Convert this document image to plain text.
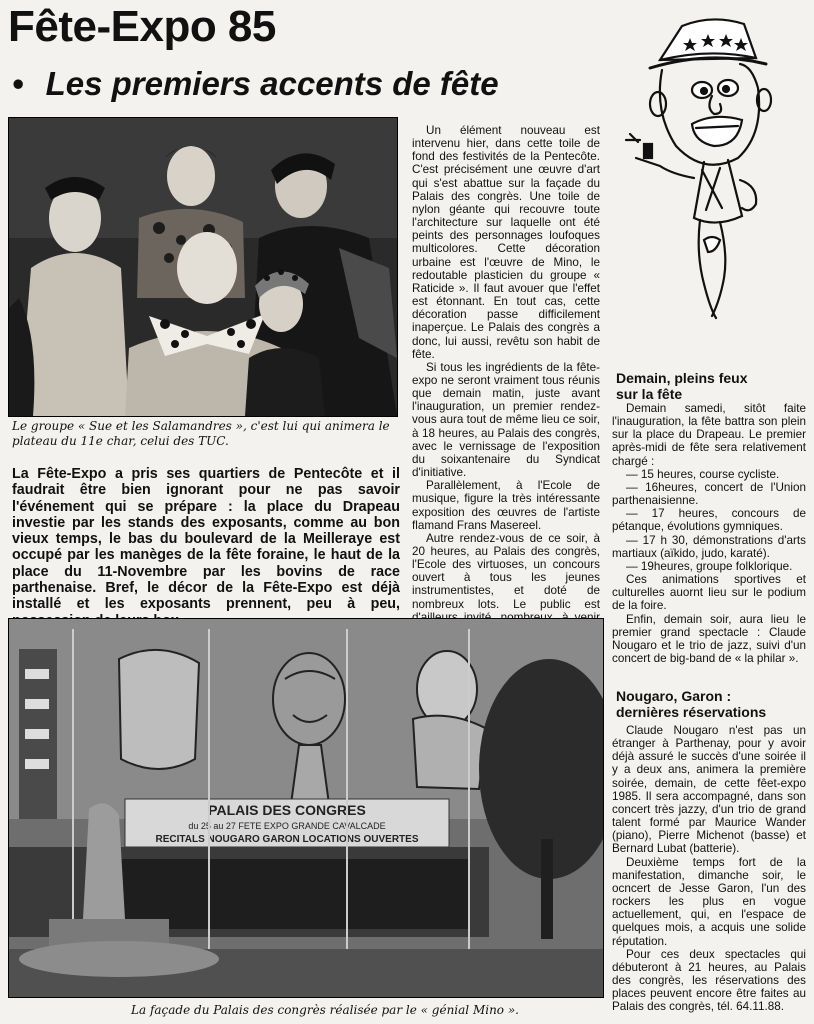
Fête-Expo 85
• Les premiers accents de fête
Le groupe « Sue et les Salamandres », c'est lui qui animera le plateau du 11e char, celui des TUC.
La Fête-Expo a pris ses quartiers de Pentecôte et il faudrait être bien ignorant pour ne pas savoir l'événement qui se prépare : la place du Drapeau investie par les stands des exposants, comme au bon vieux temps, le bas du boulevard de la Meilleraye est occupé par les manèges de la fête foraine, le haut de la place du 11-Novembre par les bovins de race parthenaise. Bref, le décor de la Fête-Expo est déjà installé et les exposants prennent, peu à peu,

Un élément nouveau est intervenu hier, dans cette toile de fond des festivités de la Pentecôte. C'est précisément une œuvre d'art qui s'est abattue sur la façade du Palais des congrès. Une toile de nylon géante qui recouvre toute l'architecture sur laquelle ont été peints des personnages loufoques multicolores. Cette décoration urbaine est l'œuvre de Mino, le redoutable plasticien du groupe « Raticide ». Il faut avouer que l'effet est étonnant. En tout cas, cette décoration passe difficilement inaperçue. Le Palais des congrès a donc, lui aussi, revêtu son habit de fête.

Si tous les ingrédients de la fête-expo ne seront vraiment tous réunis que demain matin, juste avant l'inauguration, un premier rendez-vous aura tout de même lieu ce soir, à 18 heures, au Palais des congrès, avec le vernissage de l'exposition du soixantenaire du Syndicat d'initiative.

Parallèlement, à l'Ecole de musique, figure la très intéressante exposition des œuvres de l'artiste flamand Frans Masereel.

Autre rendez-vous de ce soir, à 20 heures, au Palais des congrès, l'Ecole des virtuoses, un concours ouvert à tous les jeunes instrumentistes, et doté de nombreux lots. Le public est

Demain, pleins feux
sur la fête

Demain samedi, sitôt faite l'inauguration, la fête battra son plein sur la place du Drapeau. Le premier après-midi de fête sera relativement chargé :

— 15 heures, course cycliste.

— 16heures, concert de l'Union parthenaisienne.

— 17 heures, concours de pétanque, évolutions gymniques.

— 17 h 30, démonstrations d'arts martiaux (aïkido, judo, karaté).

— 19heures, groupe folklorique.

Ces animations sportives et culturelles auornt lieu sur le podium de la foire.

Enfin, demain soir, aura lieu le premier grand spectacle : Claude Nougaro et le trio de jazz, suivi d'un concert de big-band de « la philar ».

Nougaro, Garon :
dernières réservations

Claude Nougaro n'est pas un étranger à Parthenay, pour y avoir déjà assuré le succès d'une soirée il y a deux ans, animera la première soirée, demain, de cette fêet-expo 1985. Il sera accompagné, dans son concert très jazzy, d'un trio de grand talent formé par Maurice Wander (piano), Pierre Michenot (basse) et Bernard Lubat (batterie).

Deuxième temps fort de la manifestation, dimanche soir, le ocncert de Jesse Garon, l'un des rockers les plus en vogue actuellement, qui, en l'espace de quelques mois, a acquis une solide réputation.

Pour ces deux spectacles qui débuteront à 21 heures, au Palais des congrès, les réservations des places peuvent encore être faites au Palais des congrès, tél. 64.11.88.

PALAIS DES CONGRES
du 25 au 27 FETE EXPO GRANDE CAVALCADE
RECITALS NOUGARO GARON LOCATIONS OUVERTES
La façade du Palais des congrès réalisée par le « génial Mino ».
